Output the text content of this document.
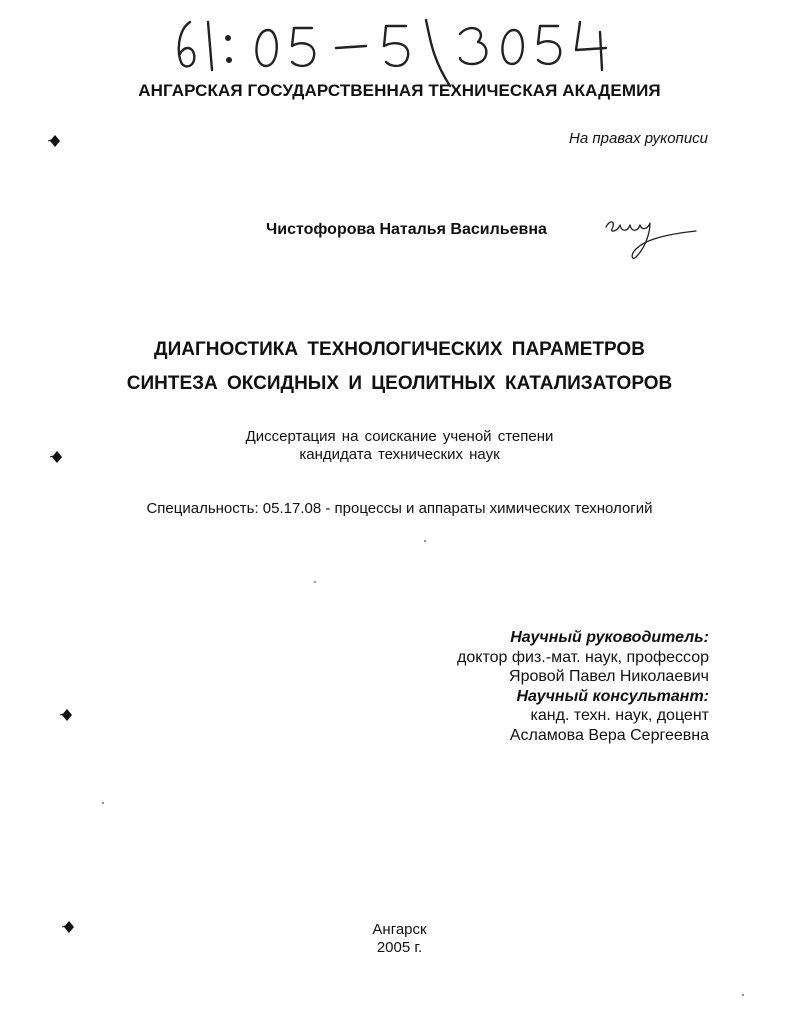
АНГАРСКАЯ ГОСУДАРСТВЕННАЯ ТЕХНИЧЕСКАЯ АКАДЕМИЯ
На правах рукописи
Чистофорова Наталья Васильевна
ДИАГНОСТИКА ТЕХНОЛОГИЧЕСКИХ ПАРАМЕТРОВ
СИНТЕЗА ОКСИДНЫХ И ЦЕОЛИТНЫХ КАТАЛИЗАТОРОВ
Диссертация на соискание ученой степени
кандидата технических наук
Специальность: 05.17.08 - процессы и аппараты химических технологий
Научный руководитель:
доктор физ.-мат. наук, профессор
Яровой Павел Николаевич
Научный консультант:
канд. техн. наук, доцент
Асламова Вера Сергеевна
Ангарск
2005 г.
